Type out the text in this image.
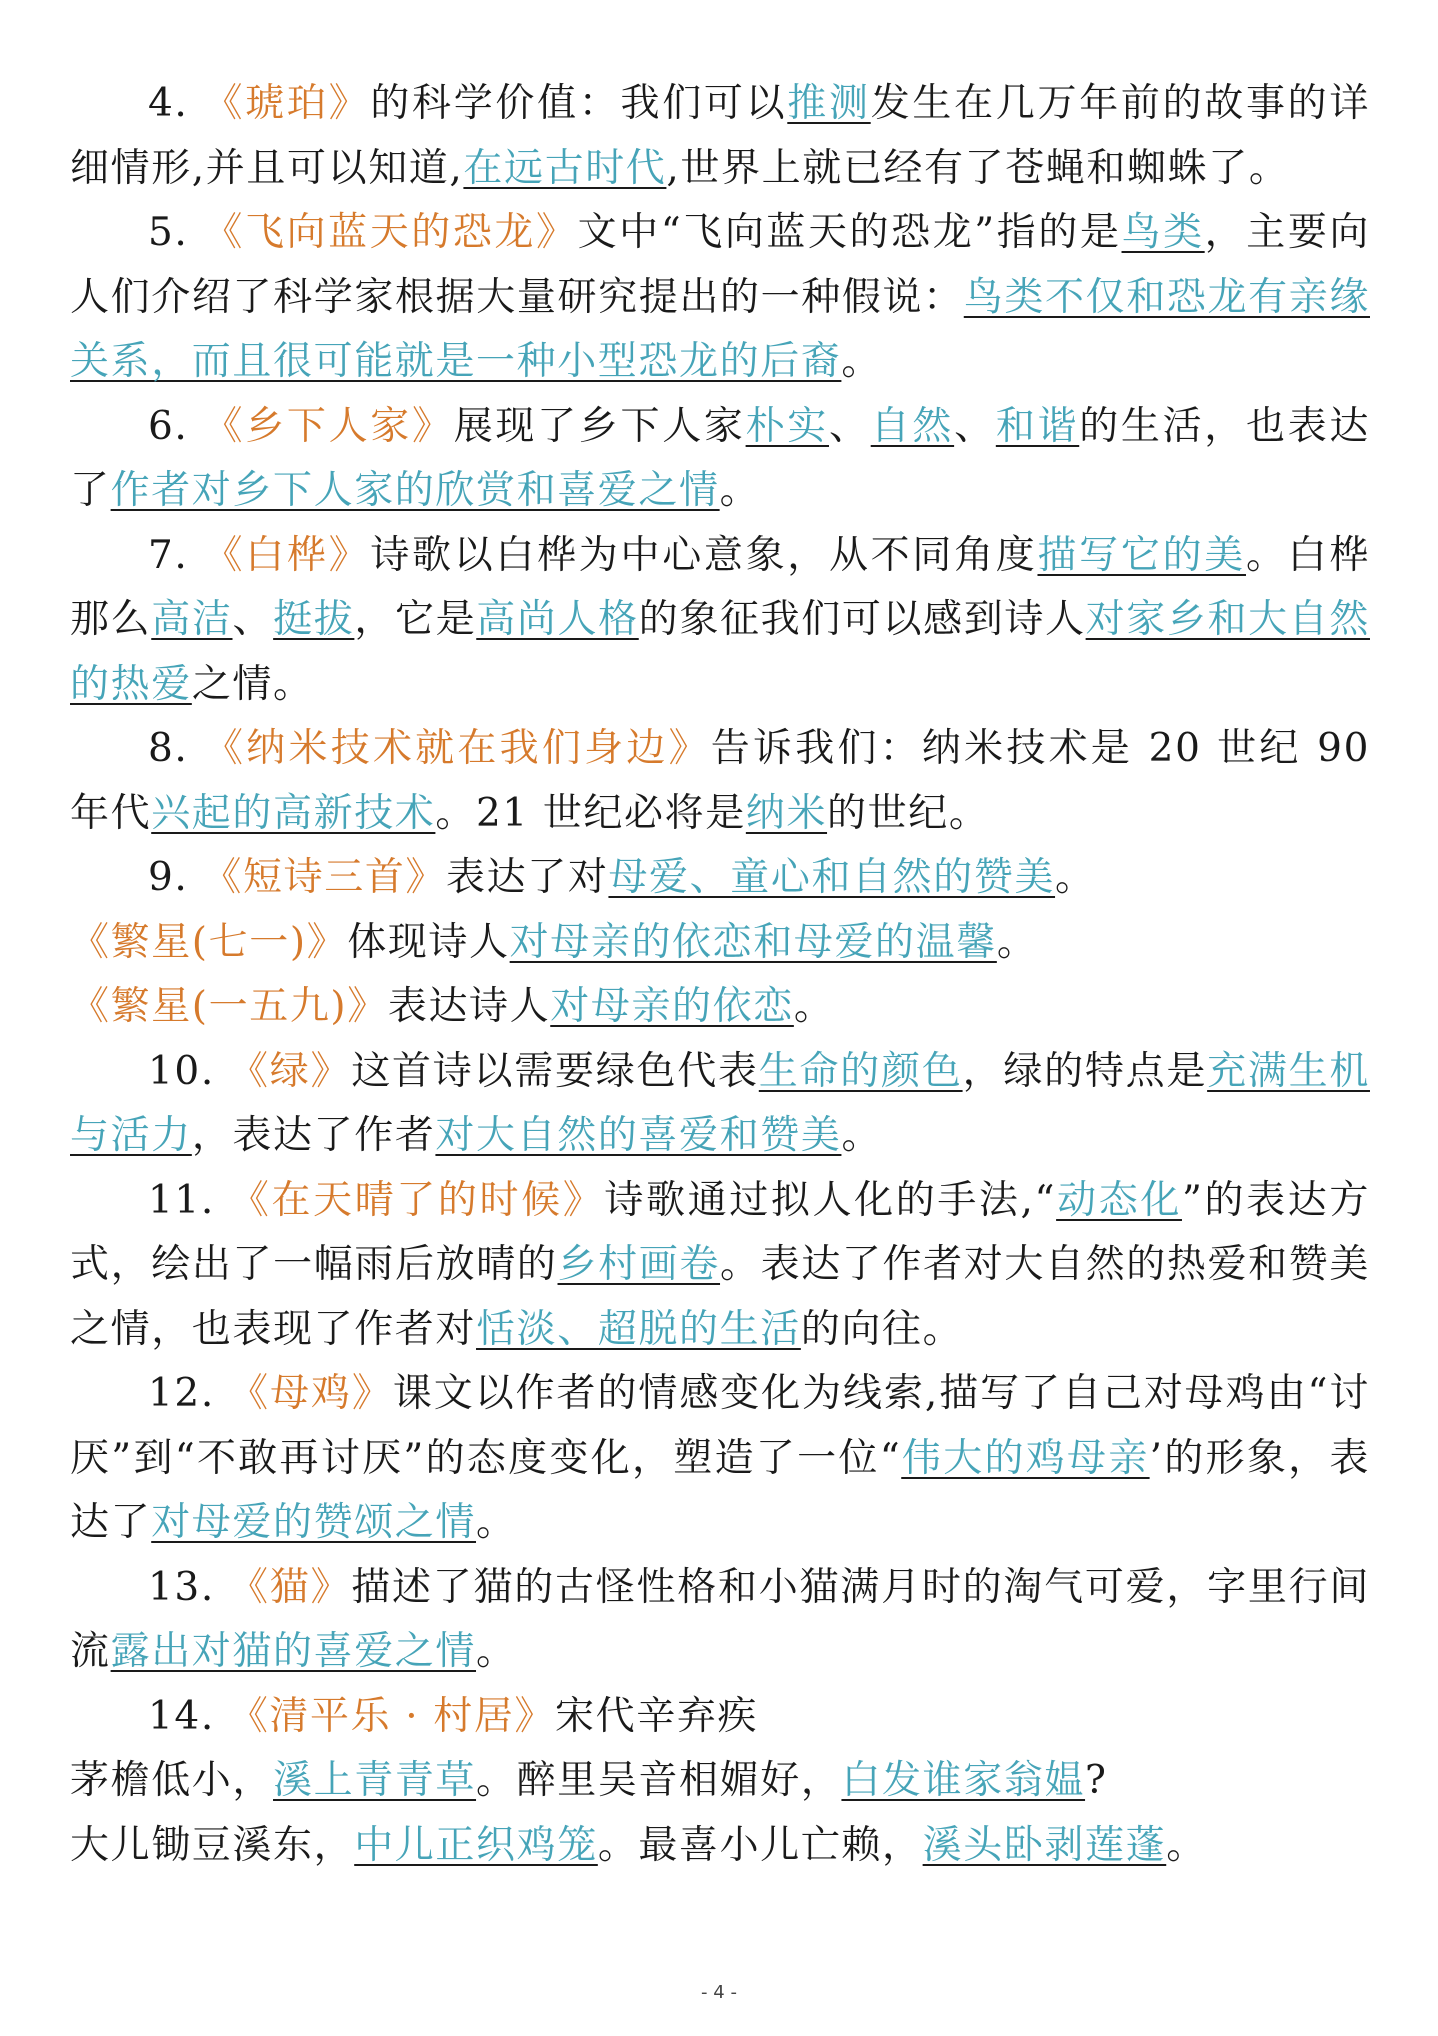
4. 《琥珀》的科学价值：我们可以推测发生在几万年前的故事的详细情形,并且可以知道,在远古时代,世界上就已经有了苍蝇和蜘蛛了。

5. 《飞向蓝天的恐龙》文中“飞向蓝天的恐龙”指的是鸟类，主要向人们介绍了科学家根据大量研究提出的一种假说：鸟类不仅和恐龙有亲缘关系，而且很可能就是一种小型恐龙的后裔。

6. 《乡下人家》展现了乡下人家朴实、自然、和谐的生活，也表达了作者对乡下人家的欣赏和喜爱之情。

7. 《白桦》诗歌以白桦为中心意象，从不同角度描写它的美。白桦那么高洁、挺拔，它是高尚人格的象征我们可以感到诗人对家乡和大自然的热爱之情。

8. 《纳米技术就在我们身边》告诉我们：纳米技术是 20 世纪 90 年代兴起的高新技术。21 世纪必将是纳米的世纪。

9. 《短诗三首》表达了对母爱、童心和自然的赞美。

《繁星(七一)》体现诗人对母亲的依恋和母爱的温馨。

《繁星(一五九)》表达诗人对母亲的依恋。

10. 《绿》这首诗以需要绿色代表生命的颜色，绿的特点是充满生机与活力，表达了作者对大自然的喜爱和赞美。

11. 《在天晴了的时候》诗歌通过拟人化的手法,“动态化”的表达方式，绘出了一幅雨后放晴的乡村画卷。表达了作者对大自然的热爱和赞美之情，也表现了作者对恬淡、超脱的生活的向往。

12. 《母鸡》课文以作者的情感变化为线索,描写了自己对母鸡由“讨厌”到“不敢再讨厌”的态度变化，塑造了一位“伟大的鸡母亲’的形象，表达了对母爱的赞颂之情。

13. 《猫》描述了猫的古怪性格和小猫满月时的淘气可爱，字里行间流露出对猫的喜爱之情。

14. 《清平乐 · 村居》宋代辛弃疾

茅檐低小，溪上青青草。醉里吴音相媚好，白发谁家翁媪?

大儿锄豆溪东，中儿正织鸡笼。最喜小儿亡赖，溪头卧剥莲蓬。

- 4 -
